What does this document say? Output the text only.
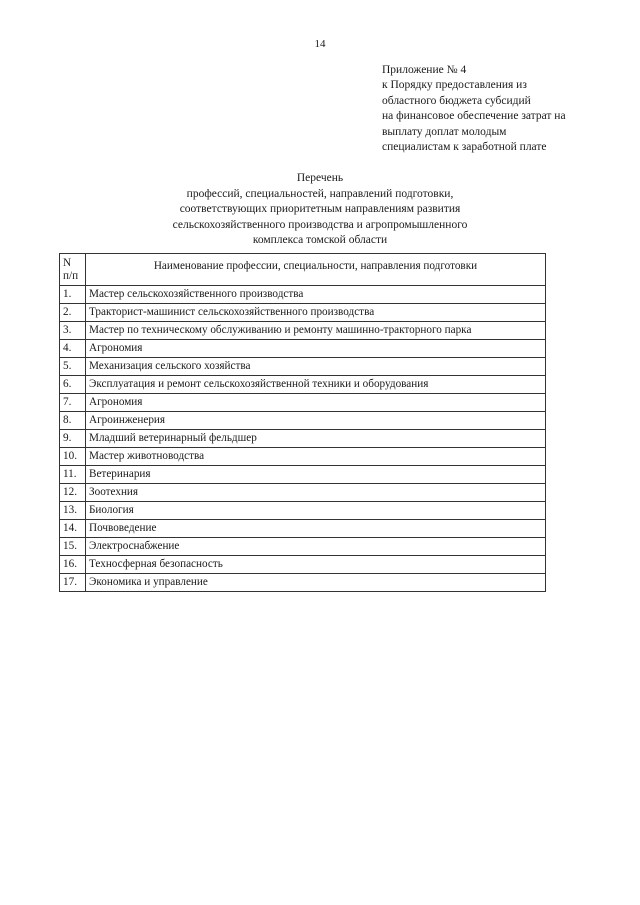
14
Приложение № 4
к Порядку предоставления из
областного бюджета субсидий
на финансовое обеспечение затрат на
выплату доплат молодым
специалистам к заработной плате
Перечень
профессий, специальностей, направлений подготовки,
соответствующих приоритетным направлениям развития
сельскохозяйственного производства и агропромышленного
комплекса томской области
N
п/п	Наименование профессии, специальности, направления подготовки
1.	Мастер сельскохозяйственного производства
2.	Тракторист-машинист сельскохозяйственного производства
3.	Мастер по техническому обслуживанию и ремонту машинно-тракторного парка
4.	Агрономия
5.	Механизация сельского хозяйства
6.	Эксплуатация и ремонт сельскохозяйственной техники и оборудования
7.	Агрономия
8.	Агроинженерия
9.	Младший ветеринарный фельдшер
10.	Мастер животноводства
11.	Ветеринария
12.	Зоотехния
13.	Биология
14.	Почвоведение
15.	Электроснабжение
16.	Техносферная безопасность
17.	Экономика и управление
